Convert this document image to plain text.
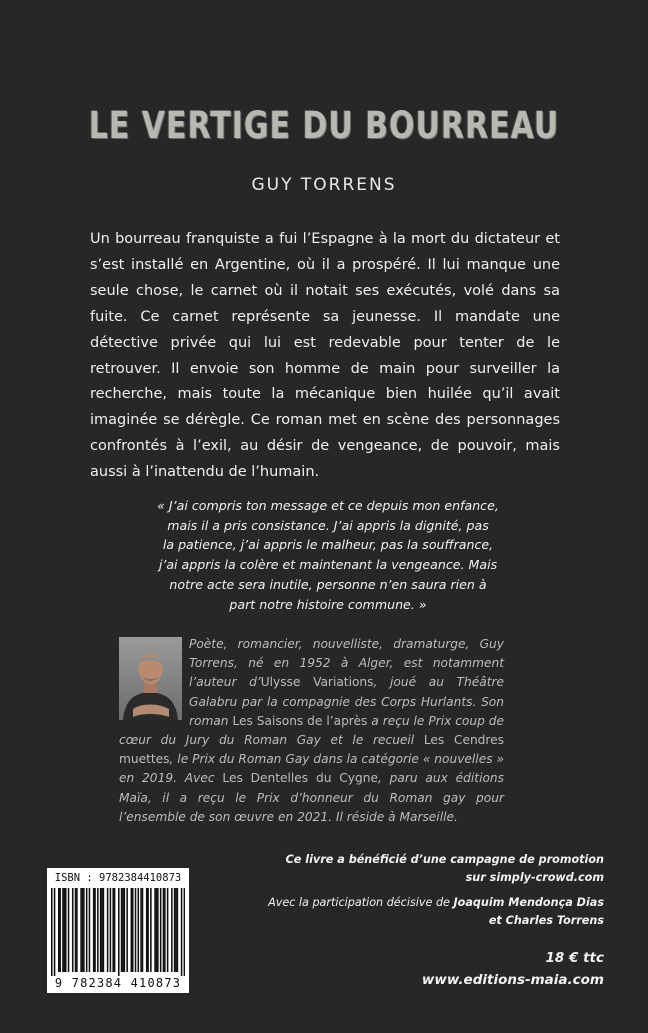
LE VERTIGE DU BOURREAU
GUY TORRENS
Un bourreau franquiste a fui l’Espagne à la mort du dictateur et s’est installé en Argentine, où il a prospéré. Il lui manque une seule chose, le carnet où il notait ses exécutés, volé dans sa fuite. Ce carnet représente sa jeunesse. Il mandate une détective privée qui lui est redevable pour tenter de le retrouver. Il envoie son homme de main pour surveiller la recherche, mais toute la mécanique bien huilée qu’il avait imaginée se dérègle. Ce roman met en scène des personnages confrontés à l’exil, au désir de vengeance, de pouvoir, mais aussi à l’inattendu de l’humain.
« J’ai compris ton message et ce depuis mon enfance,
mais il a pris consistance. J’ai appris la dignité, pas
la patience, j’ai appris le malheur, pas la souffrance,
j’ai appris la colère et maintenant la vengeance. Mais
notre acte sera inutile, personne n’en saura rien à
part notre histoire commune. »
Poète, romancier, nouvelliste, dramaturge, Guy Torrens, né en 1952 à Alger, est notamment l’auteur d’Ulysse Variations, joué au Théâtre Galabru par la compagnie des Corps Hurlants. Son roman Les Saisons de l’après a reçu le Prix coup de cœur du Jury du Roman Gay et le recueil Les Cendres muettes, le Prix du Roman Gay dans la catégorie « nouvelles » en 2019. Avec Les Dentelles du Cygne, paru aux éditions Maïa, il a reçu le Prix d’honneur du Roman gay pour l’ensemble de son œuvre en 2021. Il réside à Marseille.
Ce livre a bénéficié d’une campagne de promotion
sur simply-crowd.com
Avec la participation décisive de Joaquim Mendonça Dias
et Charles Torrens
18 € ttc
www.editions-maia.com
ISBN : 9782384410873
9 782384 410873
